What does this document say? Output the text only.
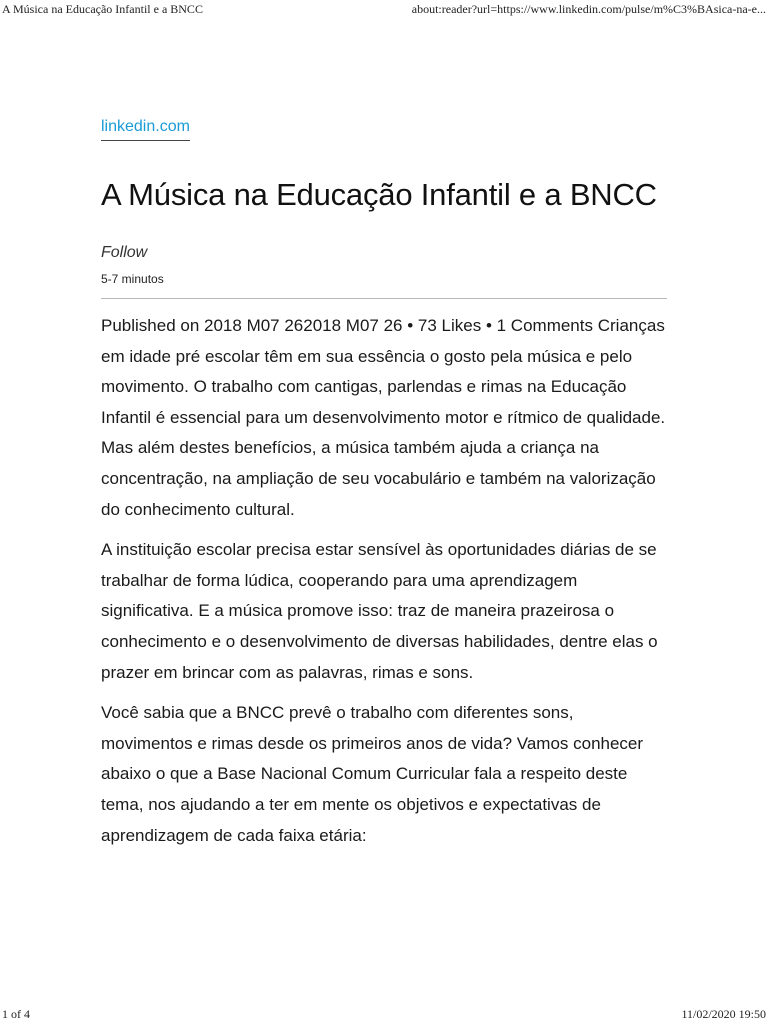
A Música na Educação Infantil e a BNCC	about:reader?url=https://www.linkedin.com/pulse/m%C3%BAsica-na-e...
linkedin.com
A Música na Educação Infantil e a BNCC
Follow
5-7 minutos

Published on 2018 M07 262018 M07 26 • 73 Likes • 1 Comments Crianças em idade pré escolar têm em sua essência o gosto pela música e pelo movimento. O trabalho com cantigas, parlendas e rimas na Educação Infantil é essencial para um desenvolvimento motor e rítmico de qualidade. Mas além destes benefícios, a música também ajuda a criança na concentração, na ampliação de seu vocabulário e também na valorização do conhecimento cultural.

A instituição escolar precisa estar sensível às oportunidades diárias de se trabalhar de forma lúdica, cooperando para uma aprendizagem significativa. E a música promove isso: traz de maneira prazeirosa o conhecimento e o desenvolvimento de diversas habilidades, dentre elas o prazer em brincar com as palavras, rimas e sons.

Você sabia que a BNCC prevê o trabalho com diferentes sons, movimentos e rimas desde os primeiros anos de vida? Vamos conhecer abaixo o que a Base Nacional Comum Curricular fala a respeito deste tema, nos ajudando a ter em mente os objetivos e expectativas de aprendizagem de cada faixa etária:

1 of 4	11/02/2020 19:50
